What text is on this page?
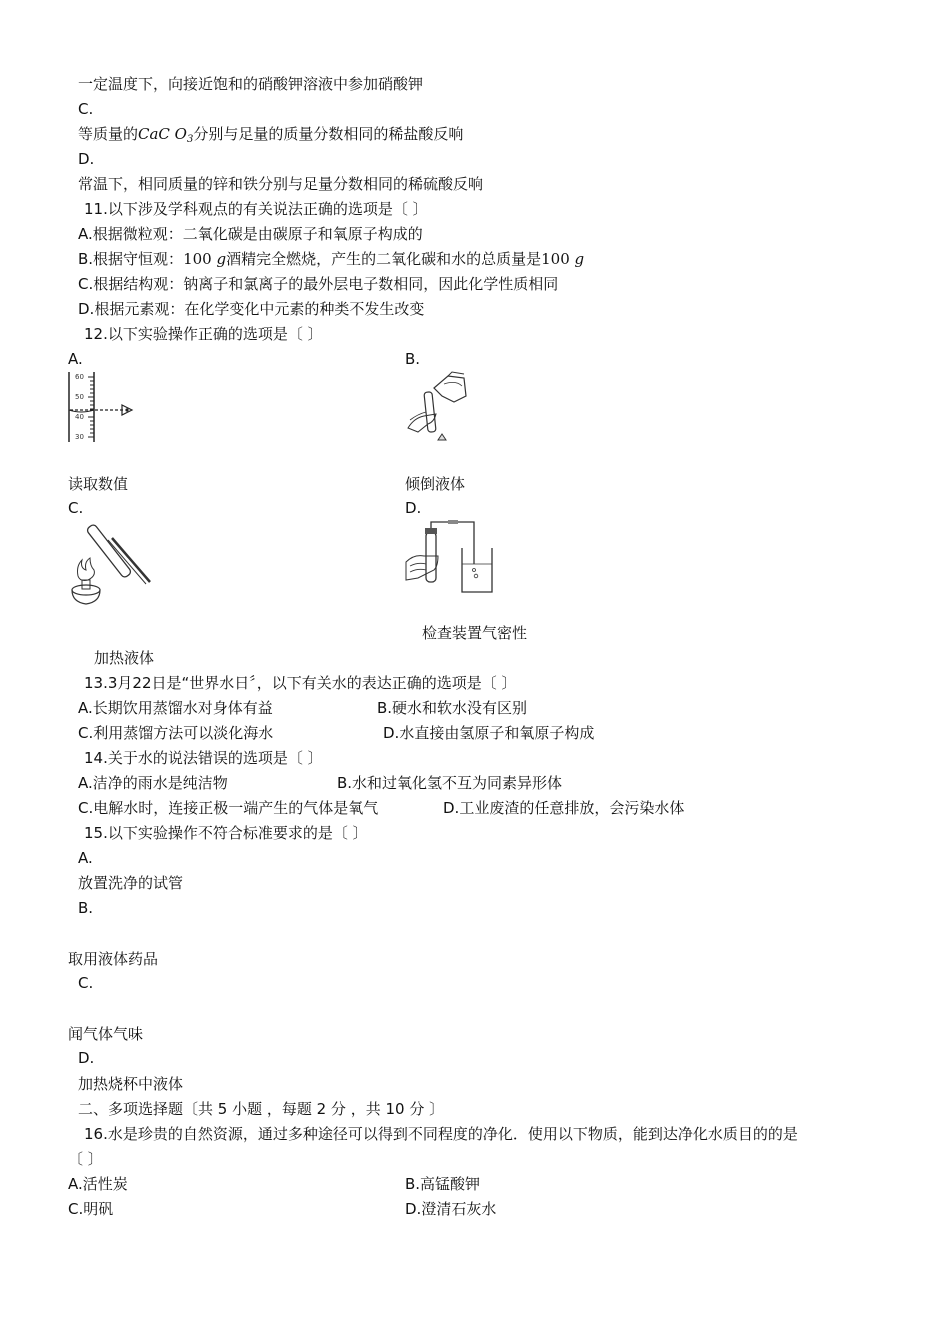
一定温度下，向接近饱和的硝酸钾溶液中参加硝酸钾
C.
等质量的CaC $O_3$分别与足量的质量分数相同的稀盐酸反响
D.
常温下，相同质量的锌和铁分别与足量分数相同的稀硫酸反响
11.以下涉及学科观点的有关说法正确的选项是〔 〕
A.根据微粒观：二氧化碳是由碳原子和氧原子构成的
B.根据守恒观：100 g酒精完全燃烧，产生的二氧化碳和水的总质量是100 g
C.根据结构观：钠离子和氯离子的最外层电子数相同，因此化学性质相同
D.根据元素观：在化学变化中元素的种类不发生改变
12.以下实验操作正确的选项是〔 〕
A.	B.
60
50
40
30
读取数值	倾倒液体
C.	D.
检查装置气密性
加热液体
13.3月22日是“世界水日〞，以下有关水的表达正确的选项是〔 〕
A.长期饮用蒸馏水对身体有益	B.硬水和软水没有区别
C.利用蒸馏方法可以淡化海水	D.水直接由氢原子和氧原子构成
14.关于水的说法错误的选项是〔 〕
A.洁净的雨水是纯洁物	B.水和过氧化氢不互为同素异形体
C.电解水时，连接正极一端产生的气体是氧气	D.工业废渣的任意排放，会污染水体
15.以下实验操作不符合标准要求的是〔 〕
A.
放置洗净的试管
B.
取用液体药品
C.
闻气体气味
D.
加热烧杯中液体
二、多项选择题〔共 5 小题 ，每题 2 分 ，共 10 分 〕
16.水是珍贵的自然资源，通过多种途径可以得到不同程度的净化．使用以下物质，能到达净化水质目的的是
〔 〕
A.活性炭	B.高锰酸钾
C.明矾	D.澄清石灰水
